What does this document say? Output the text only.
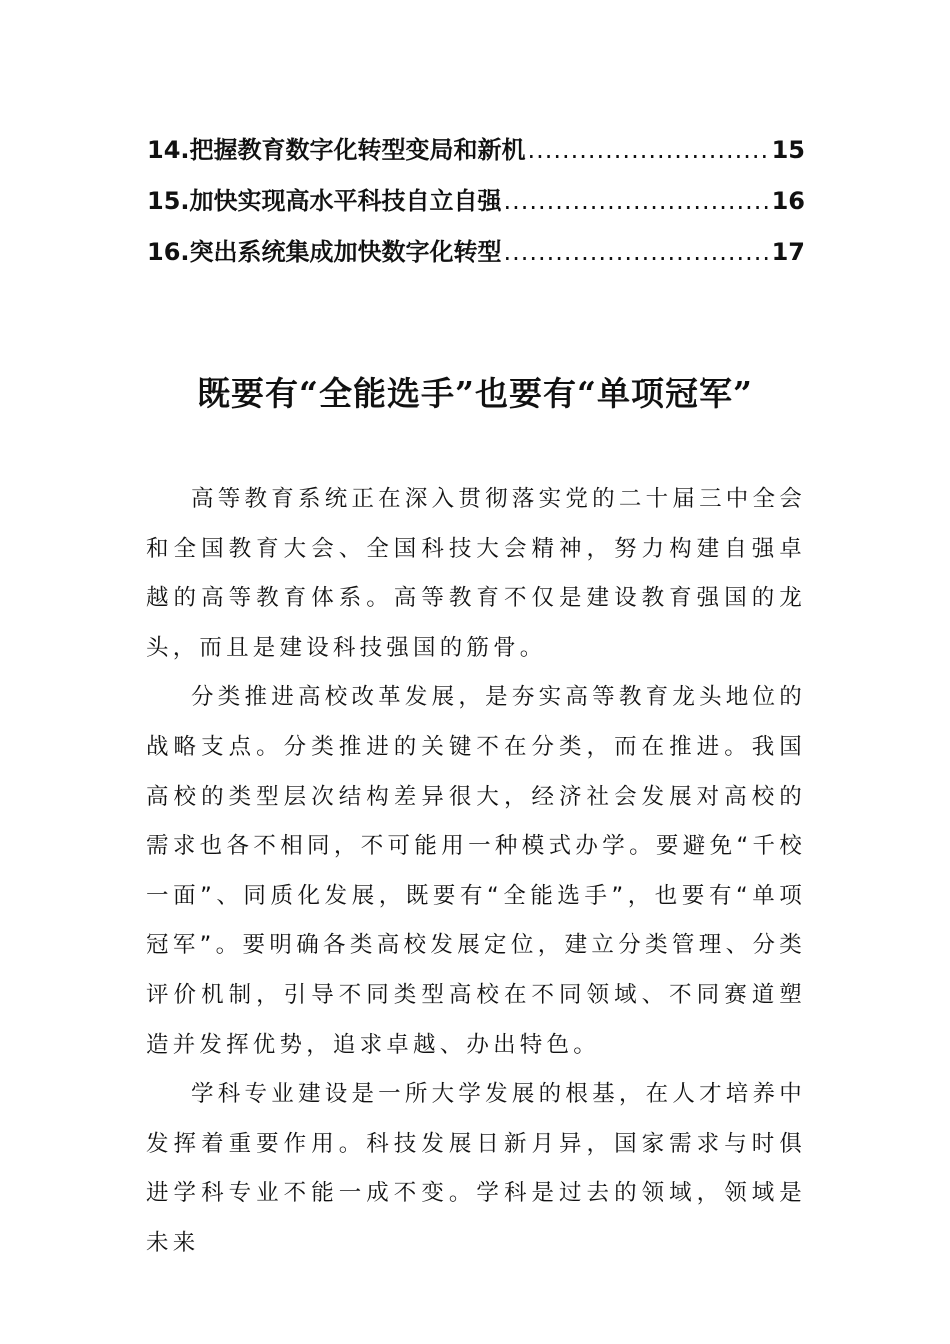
14. 把握教育数字化转型变局和新机 .....	15
15. 加快实现高水平科技自立自强 .....	16
16. 突出系统集成加快数字化转型 .....	17
既要有“全能选手”也要有“单项冠军”

高等教育系统正在深入贯彻落实党的二十届三中全会和全国教育大会、全国科技大会精神，努力构建自强卓越的高等教育体系。高等教育不仅是建设教育强国的龙头，而且是建设科技强国的筋骨。

分类推进高校改革发展，是夯实高等教育龙头地位的战略支点。分类推进的关键不在分类，而在推进。我国高校的类型层次结构差异很大，经济社会发展对高校的需求也各不相同，不可能用一种模式办学。要避免“千校一面”、同质化发展，既要有“全能选手”，也要有“单项冠军”。要明确各类高校发展定位，建立分类管理、分类评价机制，引导不同类型高校在不同领域、不同赛道塑造并发挥优势，追求卓越、办出特色。

学科专业建设是一所大学发展的根基，在人才培养中发挥着重要作用。科技发展日新月异，国家需求与时俱进学科专业不能一成不变。学科是过去的领域，领域是未来
